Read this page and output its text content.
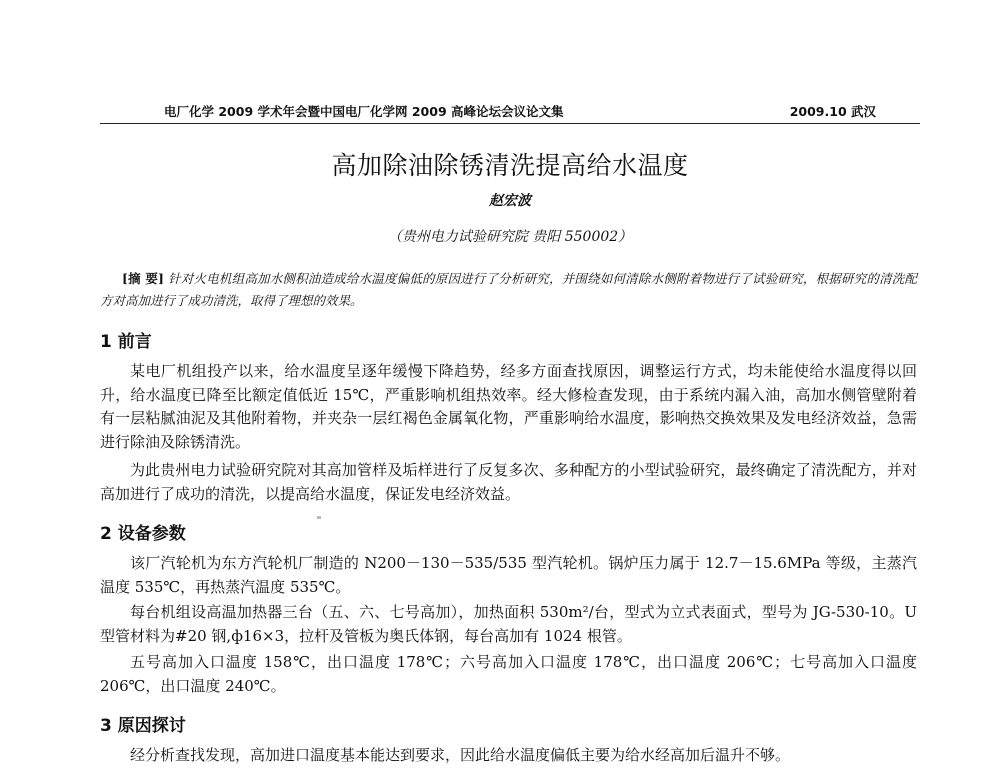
电厂化学 2009 学术年会暨中国电厂化学网 2009 高峰论坛会议论文集	2009.10 武汉
高加除油除锈清洗提高给水温度
赵宏波
（贵州电力试验研究院 贵阳 550002）
[摘 要] 针对火电机组高加水侧积油造成给水温度偏低的原因进行了分析研究，并围绕如何清除水侧附着物进行了试验研究，根据研究的清洗配方对高加进行了成功清洗，取得了理想的效果。
1 前言

某电厂机组投产以来，给水温度呈逐年缓慢下降趋势，经多方面查找原因，调整运行方式，均未能使给水温度得以回升，给水温度已降至比额定值低近 15℃，严重影响机组热效率。经大修检查发现，由于系统内漏入油，高加水侧管壁附着有一层粘腻油泥及其他附着物，并夹杂一层红褐色金属氧化物，严重影响给水温度，影响热交换效果及发电经济效益，急需进行除油及除锈清洗。

为此贵州电力试验研究院对其高加管样及垢样进行了反复多次、多种配方的小型试验研究，最终确定了清洗配方，并对高加进行了成功的清洗，以提高给水温度，保证发电经济效益。

2 设备参数

该厂汽轮机为东方汽轮机厂制造的 N200－130－535/535 型汽轮机。锅炉压力属于 12.7－15.6MPa 等级，主蒸汽温度 535℃，再热蒸汽温度 535℃。

每台机组设高温加热器三台（五、六、七号高加），加热面积 530m²/台，型式为立式表面式，型号为 JG-530-10。U 型管材料为#20 钢,ф16×3，拉杆及管板为奥氏体钢，每台高加有 1024 根管。

五号高加入口温度 158℃，出口温度 178℃；六号高加入口温度 178℃，出口温度 206℃；七号高加入口温度 206℃，出口温度 240℃。

3 原因探讨

经分析查找发现，高加进口温度基本能达到要求，因此给水温度偏低主要为给水经高加后温升不够。
